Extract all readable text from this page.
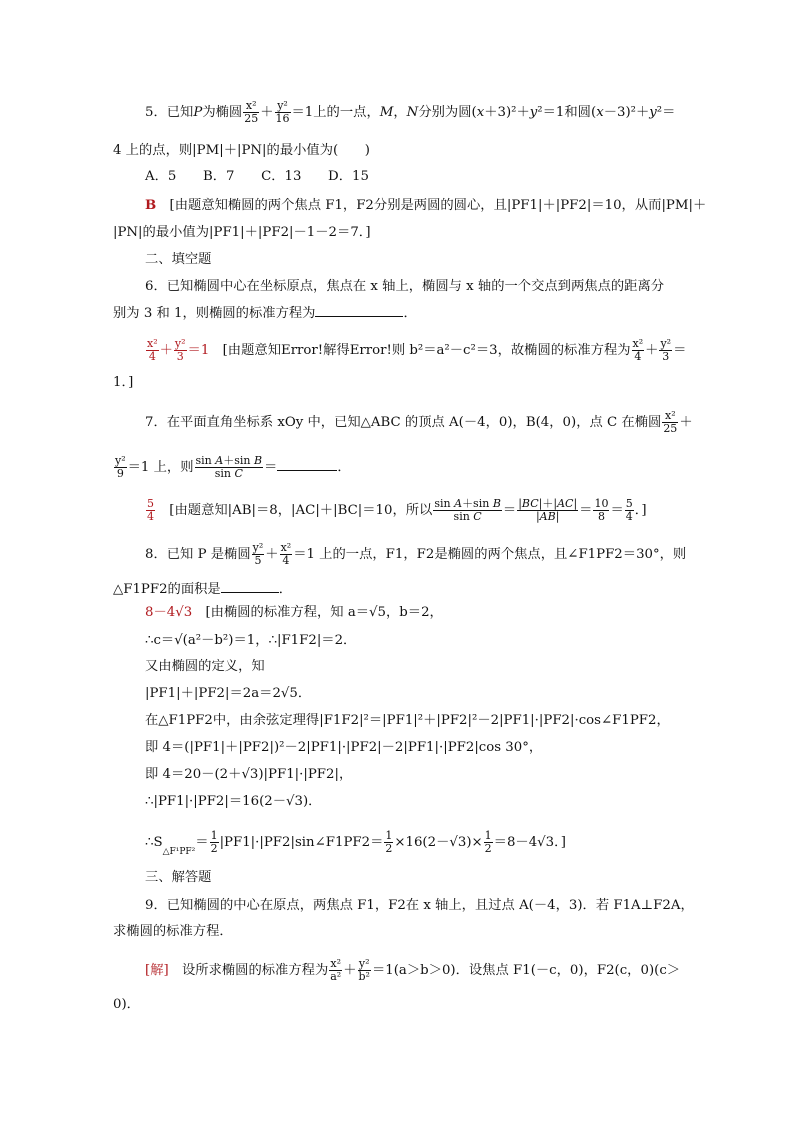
5．已知P为椭圆 $\frac{\text{x²}}{25} + \frac{\text{y²}}{16} =1$上的一点，M，N分别为圆(x＋3)²＋y²＝1和圆(x－3)²＋y²＝
4 上的点，则|PM|＋|PN|的最小值为(　　)
A．5　　B．7　　C．13　　D．15
B　 [由题意知椭圆的两个焦点 F1，F2分别是两圆的圆心，且|PF1|＋|PF2|＝10，从而|PM|＋
|PN|的最小值为|PF1|＋|PF2|－1－2＝7．]
二、填空题
6．已知椭圆中心在坐标原点，焦点在 x 轴上，椭圆与 x 轴的一个交点到两焦点的距离分
别为 3 和 1，则椭圆的标准方程为	．
$\frac{\text{x²}}{4} + \frac{\text{y²}}{3} =1$　 [由题意知Error!解得Error!则 b²＝a²－c²＝3，故椭圆的标准方程为 $\frac{\text{x²}}{4} + \frac{\text{y²}}{3}$ ＝
1．]
7．在平面直角坐标系 xOy 中，已知△ABC 的顶点 A(－4，0)，B(4，0)，点 C 在椭圆 $\frac{\text{x²}}{25}$ ＋
$\frac{\text{y²}}{9} =1$ 上，则 $\frac{\text{sin A＋sin B}}{\text{sin C}}$ ＝	．
$\frac{5}{4}$
　 [由题意知|AB|＝8，|AC|＋|BC|＝10，所以 $\frac{\text{sin A＋sin B}}{\text{sin C}} = \frac{|BC|+|AC|}{|AB|} = \frac{10}{8} = \frac{5}{4}$ ．]
8．已知 P 是椭圆 $\frac{\text{y²}}{5} + \frac{\text{x²}}{4} =1$ 上的一点，F1，F2是椭圆的两个焦点，且∠F1PF2＝30°，则
△F1PF2的面积是	．
8－4√3　 [由椭圆的标准方程，知 a＝√5，b＝2，
∴c＝√(a²－b²)＝1，∴|F1F2|＝2．
又由椭圆的定义，知
|PF1|＋|PF2|＝2a＝2√5．
在△F1PF2中，由余弦定理得|F1F2|²＝|PF1|²＋|PF2|²－2|PF1|·|PF2|·cos∠F1PF2，
即 4＝(|PF1|＋|PF2|)²－2|PF1|·|PF2|－2|PF1|·|PF2|cos 30°，
即 4＝20－(2＋√3)|PF1|·|PF2|，
∴|PF1|·|PF2|＝16(2－√3)．
$\therefore S_{\triangle F^1PF^2}= \frac{1}{2}$ |PF1|·|PF2|sin∠F1PF2＝ $\frac{1}{2} \times 16(2-√3)\times \frac{1}{2} =8-4√3$．]
三、解答题
9．已知椭圆的中心在原点，两焦点 F1，F2在 x 轴上，且过点 A(－4，3)．若 F1A⊥F2A，
求椭圆的标准方程．
[解]　 设所求椭圆的标准方程为 $\frac{\text{x²}}{\text{a²}} + \frac{\text{y²}}{\text{b²}} =1(a>b>0)$．设焦点 F1(－c，0)，F2(c，0)(c＞
0)．
